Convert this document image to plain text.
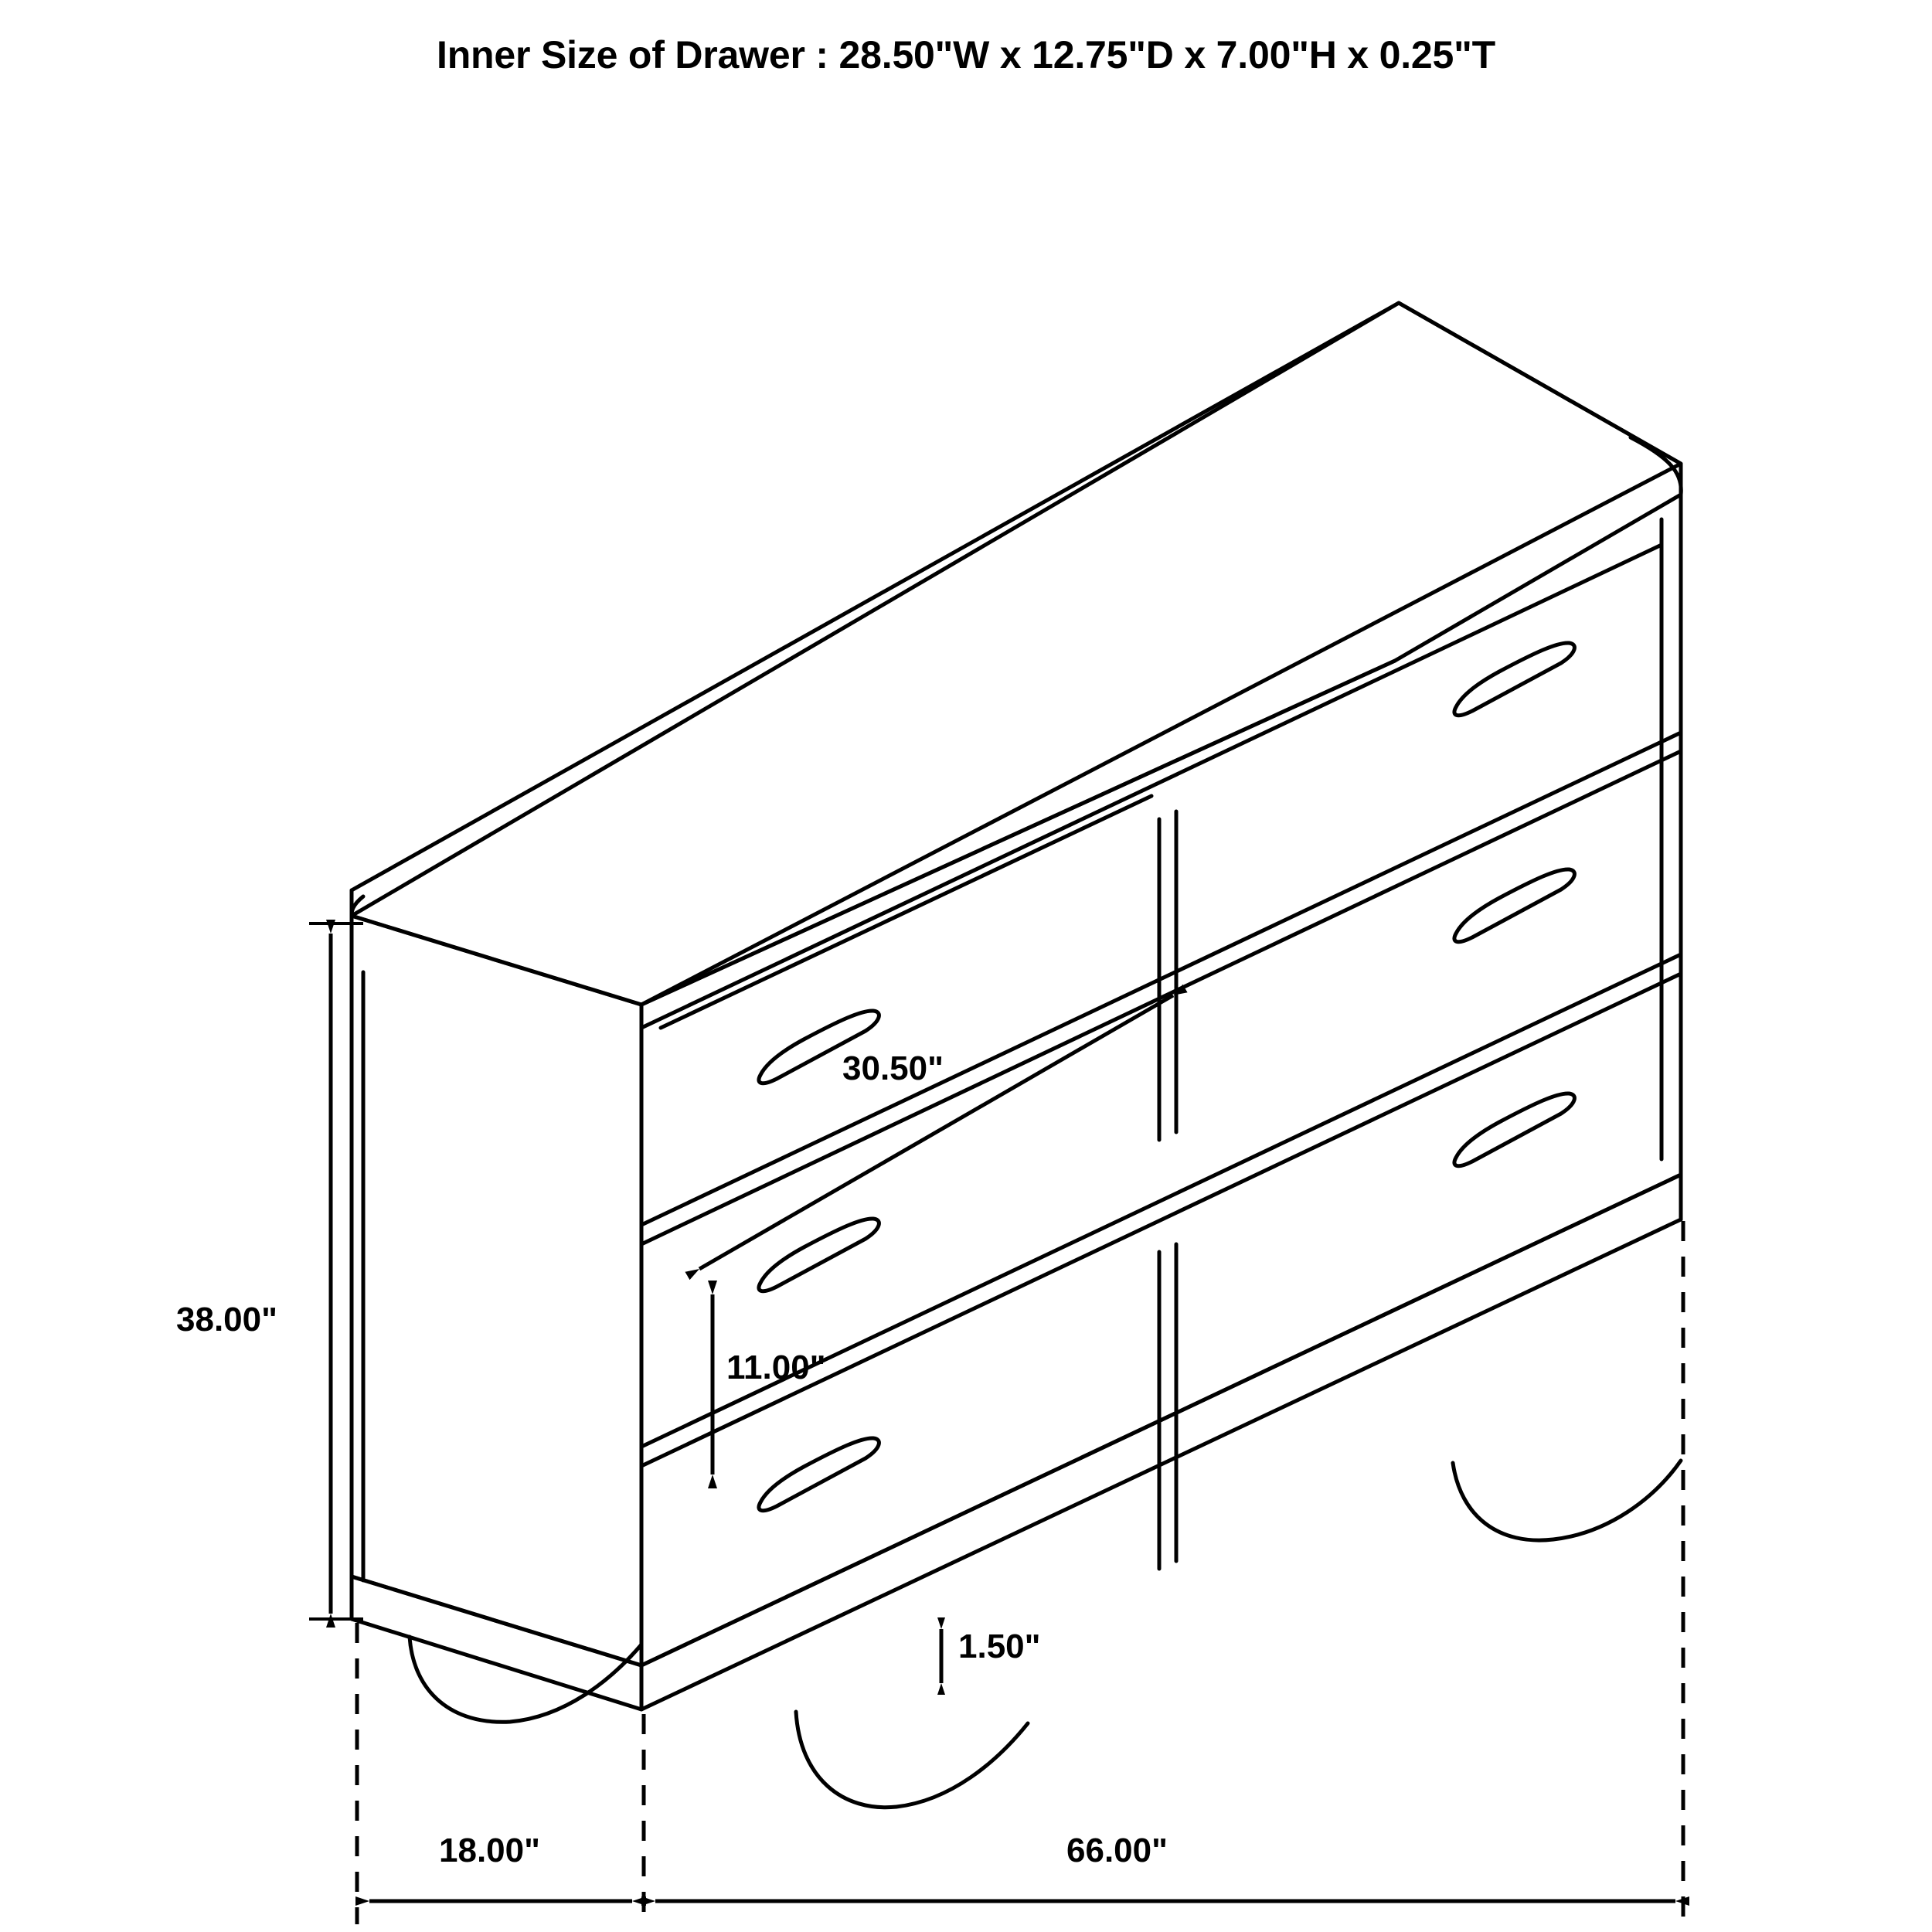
Inner Size of Drawer : 28.50"W x 12.75"D x 7.00"H x 0.25"T
38.00"
30.50"
11.00"
1.50"
18.00"	66.00"
